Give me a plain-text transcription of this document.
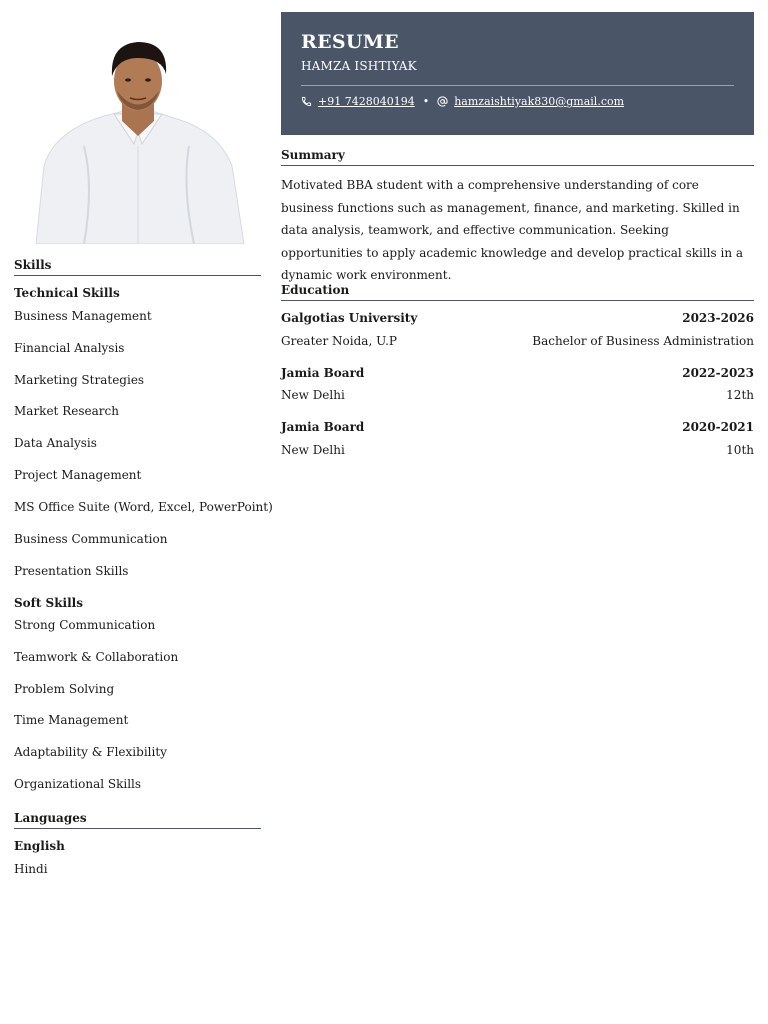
Skills
Technical Skills
Business Management
Financial Analysis
Marketing Strategies
Market Research
Data Analysis
Project Management
MS Office Suite (Word, Excel, PowerPoint)
Business Communication
Presentation Skills
Soft Skills
Strong Communication
Teamwork & Collaboration
Problem Solving
Time Management
Adaptability & Flexibility
Organizational Skills
Languages
English
Hindi
RESUME
HAMZA ISHTIYAK
+91 7428040194 • hamzaishtiyak830@gmail.com
Summary
Motivated BBA student with a comprehensive understanding of core business functions such as management, finance, and marketing. Skilled in data analysis, teamwork, and effective communication. Seeking opportunities to apply academic knowledge and develop practical skills in a dynamic work environment.
Education
Galgotias University	2023-2026
Greater Noida, U.P	Bachelor of Business Administration
Jamia Board	2022-2023
New Delhi	12th
Jamia Board	2020-2021
New Delhi	10th
